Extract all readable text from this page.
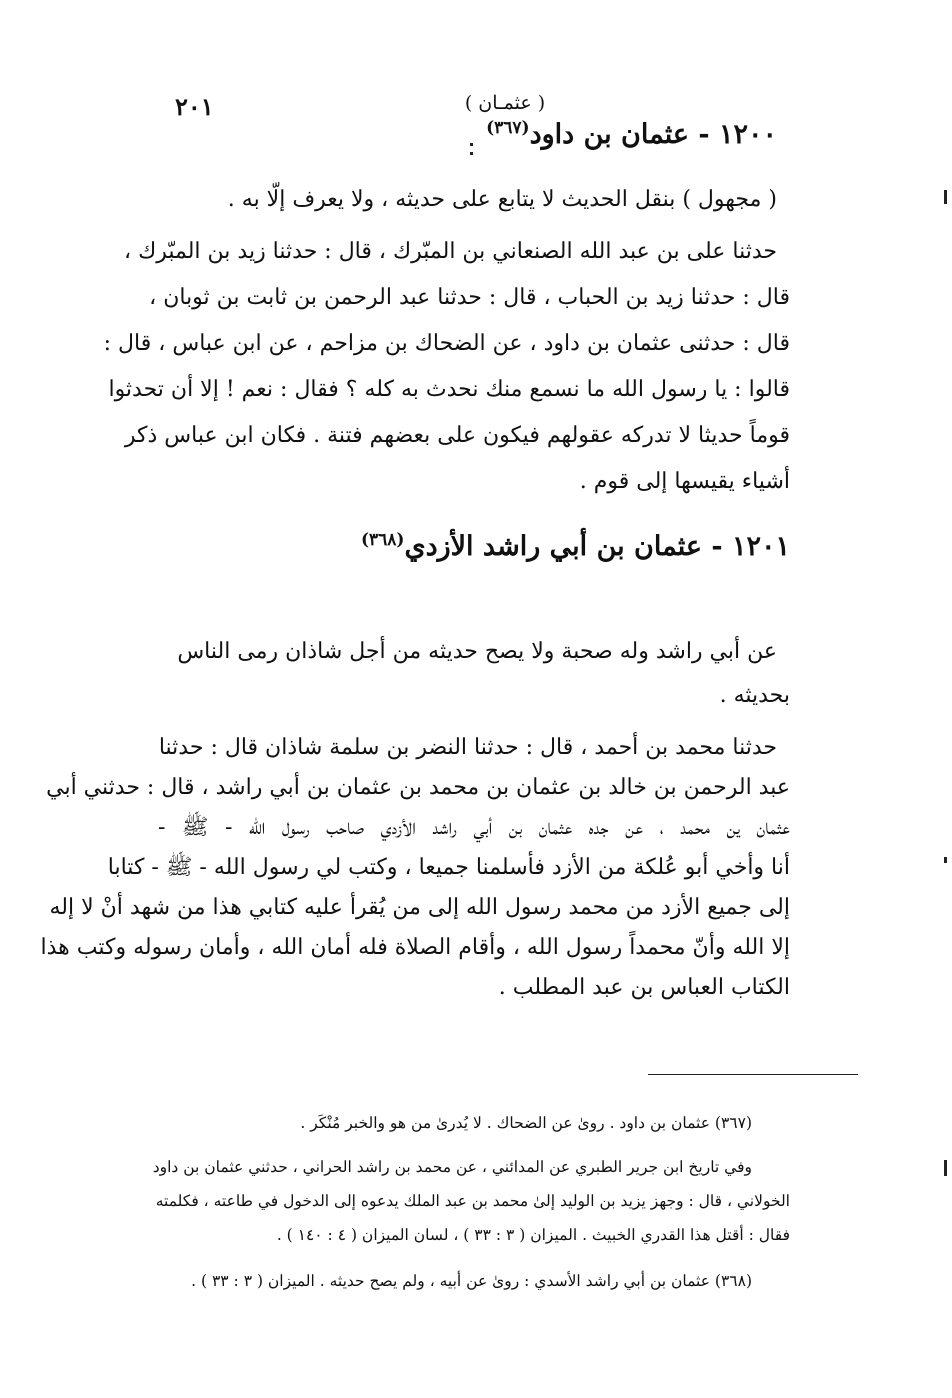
٢٠١	( عثمـان )
١٢٠٠ - عثمان بن داود$^{(٣٦٧)}$
( مجهول ) بنقل الحديث لا يتابع على حديثه ، ولا يعرف إلّا به .
حدثنا على بن عبد الله الصنعاني بن المبّرك ، قال : حدثنا زيد بن المبّرك ،
قال : حدثنا زيد بن الحباب ، قال : حدثنا عبد الرحمن بن ثابت بن ثوبان ،
قال : حدثنى عثمان بن داود ، عن الضحاك بن مزاحم ، عن ابن عباس ، قال :
قالوا : يا رسول الله ما نسمع منك نحدث به كله ؟ فقال : نعم ! إلا أن تحدثوا
قوماً حديثا لا تدركه عقولهم فيكون على بعضهم فتنة . فكان ابن عباس ذكر
أشياء يقيسها إلى قوم .
١٢٠١ - عثمان بن أبي راشد الأزدي$^{(٣٦٨)}$
عن أبي راشد وله صحبة ولا يصح حديثه من أجل شاذان رمى الناس
بحديثه .
حدثنا محمد بن أحمد ، قال : حدثنا النضر بن سلمة شاذان قال : حدثنا
عبد الرحمن بن خالد بن عثمان بن محمد بن عثمان بن أبي راشد ، قال : حدثني أبي
عثمان ين محمد ، عن جده عثمان بن أبي راشد الأزدي صاحب رسول الله - ﷺ -
أنا وأخي أبو عُلكة من الأزد فأسلمنا جميعا ، وكتب لي رسول الله - ﷺ - كتابا
إلى جميع الأزد من محمد رسول الله إلى من يُقرأ عليه كتابي هذا من شهد أنْ لا إله
إلا الله وأنّ محمداً رسول الله ، وأقام الصلاة فله أمان الله ، وأمان رسوله وكتب هذا
الكتاب العباس بن عبد المطلب .
(٣٦٧) عثمان بن داود . روىٰ عن الضحاك . لا يُدرىٰ من هو والخبر مُنْكَر .
وفي تاريخ ابن جرير الطبري عن المدائني ، عن محمد بن راشد الحراني ، حدثني عثمان بن داود
الخولاني ، قال : وجهز يزيد بن الوليد إلىٰ محمد بن عبد الملك يدعوه إلى الدخول في طاعته ، فكلمته
فقال : أقتل هذا القدري الخبيث . الميزان ( ٣ : ٣٣ ) ، لسان الميزان ( ٤ : ١٤٠ ) .
(٣٦٨) عثمان بن أبي راشد الأسدي : روىٰ عن أبيه ، ولم يصح حديثه . الميزان ( ٣ : ٣٣ ) .
